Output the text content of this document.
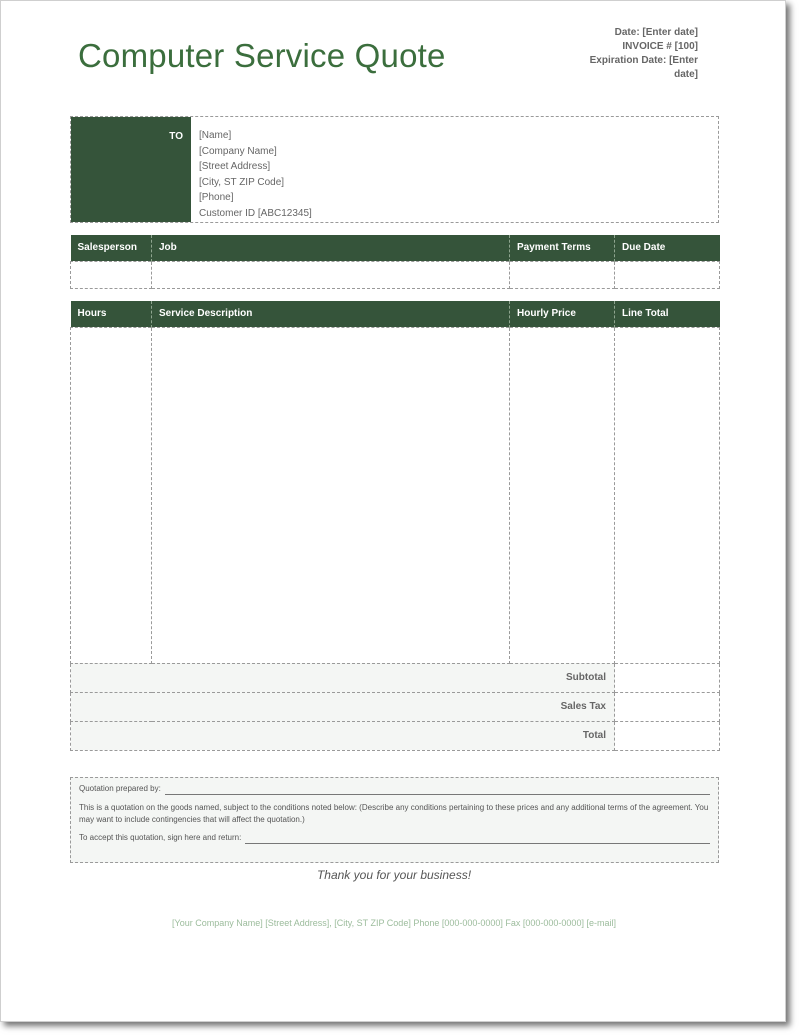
Computer Service Quote
Date: [Enter date]
INVOICE # [100]
Expiration Date: [Enter
date]
TO	[Name]
[Company Name]
[Street Address]
[City, ST ZIP Code]
[Phone]
Customer ID [ABC12345]
Salesperson	Job	Payment Terms	Due Date

Hours	Service Description	Hourly Price	Line Total

Subtotal			
Sales Tax			
Total			
Quotation prepared by:

This is a quotation on the goods named, subject to the conditions noted below: (Describe any conditions pertaining to these prices and any additional terms of the agreement. You may want to include contingencies that will affect the quotation.)

To accept this quotation, sign here and return:
Thank you for your business!
[Your Company Name] [Street Address], [City, ST ZIP Code] Phone [000-000-0000] Fax [000-000-0000] [e-mail]
